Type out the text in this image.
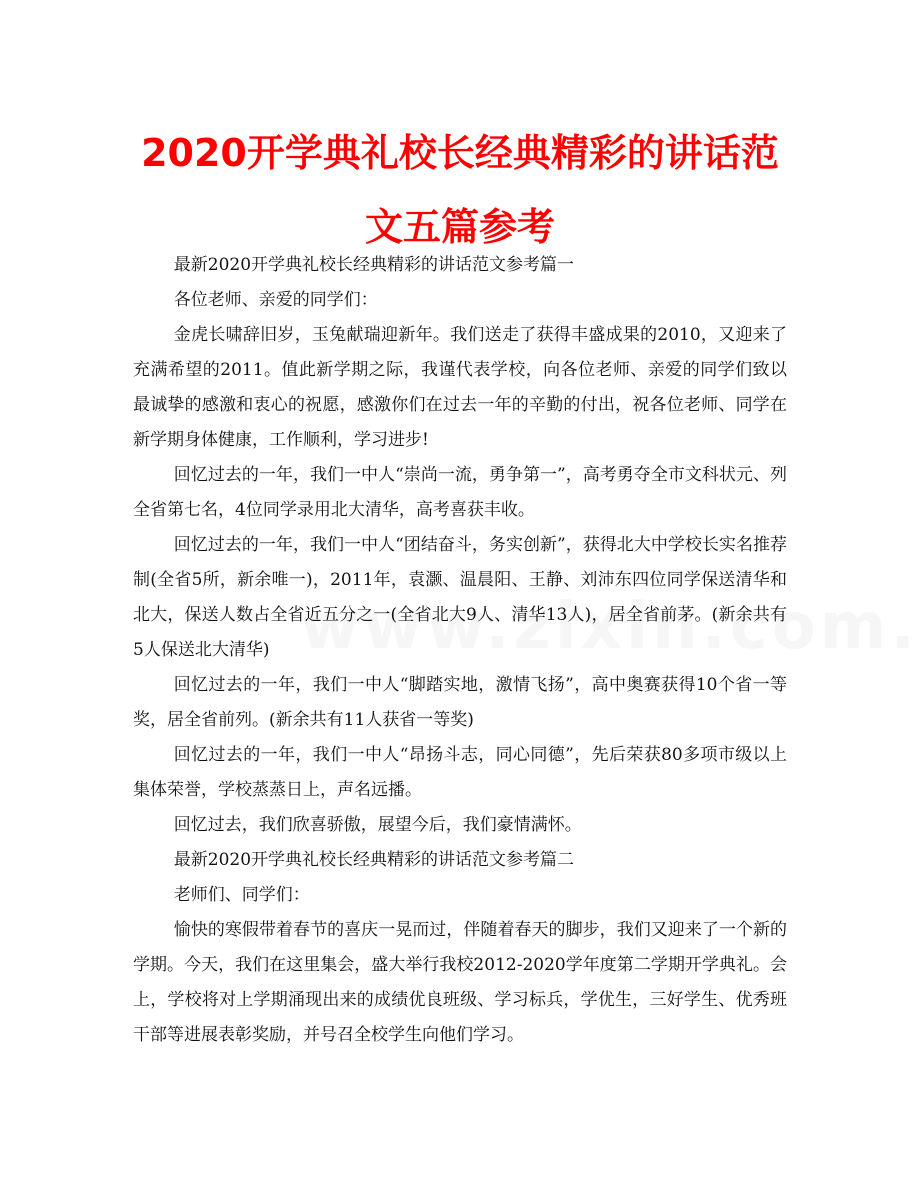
2020开学典礼校长经典精彩的讲话范文五篇参考

最新2020开学典礼校长经典精彩的讲话范文参考篇一

各位老师、亲爱的同学们：

金虎长啸辞旧岁，玉兔献瑞迎新年。我们送走了获得丰盛成果的2010，又迎来了充满希望的2011。值此新学期之际，我谨代表学校，向各位老师、亲爱的同学们致以最诚挚的感激和衷心的祝愿，感激你们在过去一年的辛勤的付出，祝各位老师、同学在新学期身体健康，工作顺利，学习进步!

回忆过去的一年，我们一中人“崇尚一流，勇争第一”，高考勇夺全市文科状元、列全省第七名，4位同学录用北大清华，高考喜获丰收。

回忆过去的一年，我们一中人“团结奋斗，务实创新”，获得北大中学校长实名推荐制(全省5所，新余唯一)，2011年，袁灏、温晨阳、王静、刘沛东四位同学保送清华和北大，保送人数占全省近五分之一(全省北大9人、清华13人)，居全省前茅。(新余共有5人保送北大清华)

回忆过去的一年，我们一中人“脚踏实地，激情飞扬”，高中奥赛获得10个省一等奖，居全省前列。(新余共有11人获省一等奖)

回忆过去的一年，我们一中人“昂扬斗志，同心同德”，先后荣获80多项市级以上集体荣誉，学校蒸蒸日上，声名远播。

回忆过去，我们欣喜骄傲，展望今后，我们豪情满怀。

最新2020开学典礼校长经典精彩的讲话范文参考篇二

老师们、同学们：

愉快的寒假带着春节的喜庆一晃而过，伴随着春天的脚步，我们又迎来了一个新的学期。今天，我们在这里集会，盛大举行我校2012-2020学年度第二学期开学典礼。会上，学校将对上学期涌现出来的成绩优良班级、学习标兵，学优生，三好学生、优秀班干部等进展表彰奖励，并号召全校学生向他们学习。
